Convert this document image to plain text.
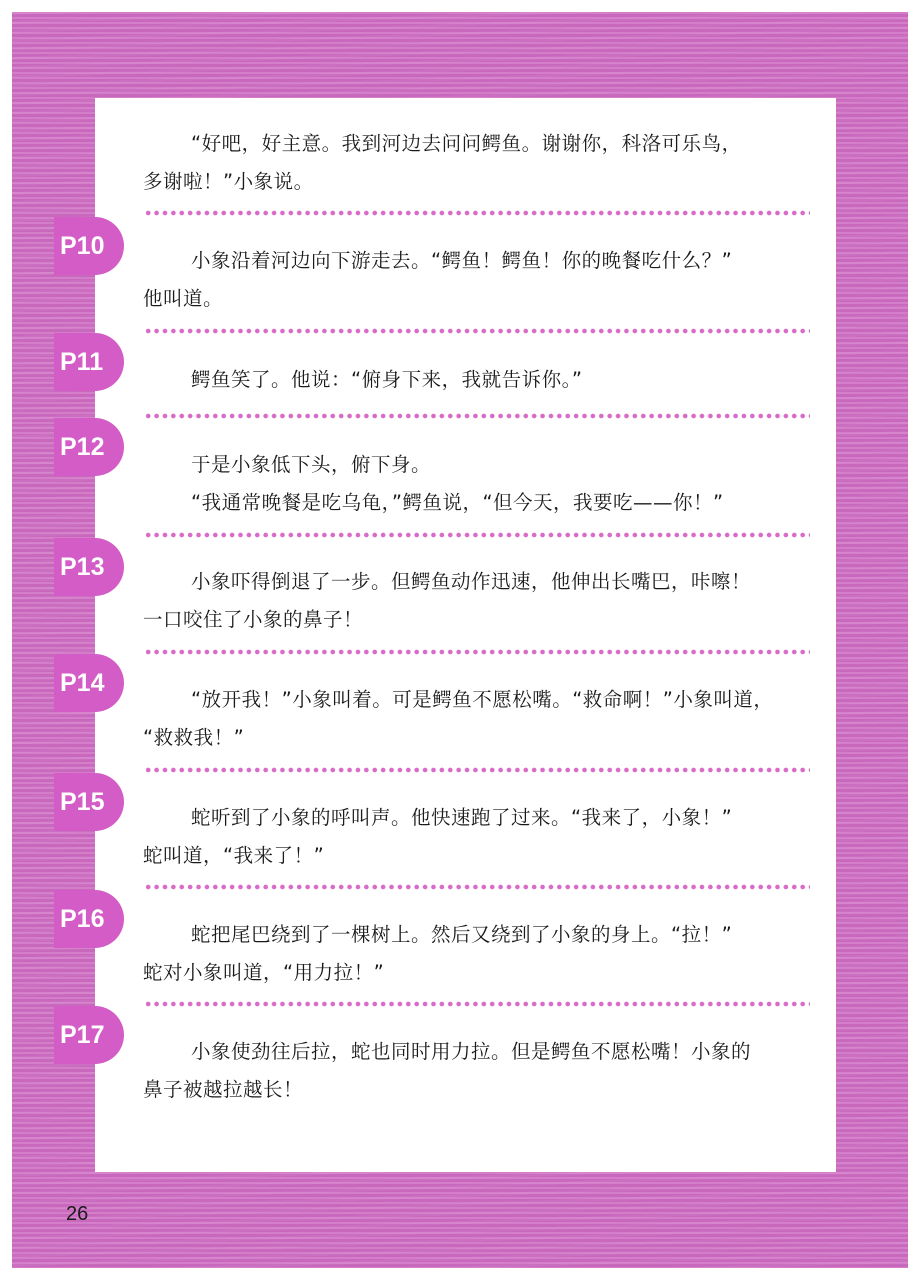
“好吧，好主意。我到河边去问问鳄鱼。谢谢你，科洛可乐鸟，
多谢啦！”小象说。

P10

小象沿着河边向下游走去。“鳄鱼！鳄鱼！你的晚餐吃什么？”
他叫道。

P11

鳄鱼笑了。他说：“俯身下来，我就告诉你。”

P12

于是小象低下头，俯下身。
“我通常晚餐是吃乌龟，”鳄鱼说，“但今天，我要吃——你！”

P13

小象吓得倒退了一步。但鳄鱼动作迅速，他伸出长嘴巴，咔嚓！
一口咬住了小象的鼻子！

P14

“放开我！”小象叫着。可是鳄鱼不愿松嘴。“救命啊！”小象叫道，
“救救我！”

P15

蛇听到了小象的呼叫声。他快速跑了过来。“我来了，小象！”
蛇叫道，“我来了！”

P16

蛇把尾巴绕到了一棵树上。然后又绕到了小象的身上。“拉！”
蛇对小象叫道，“用力拉！”

P17

小象使劲往后拉，蛇也同时用力拉。但是鳄鱼不愿松嘴！小象的
鼻子被越拉越长！

26
